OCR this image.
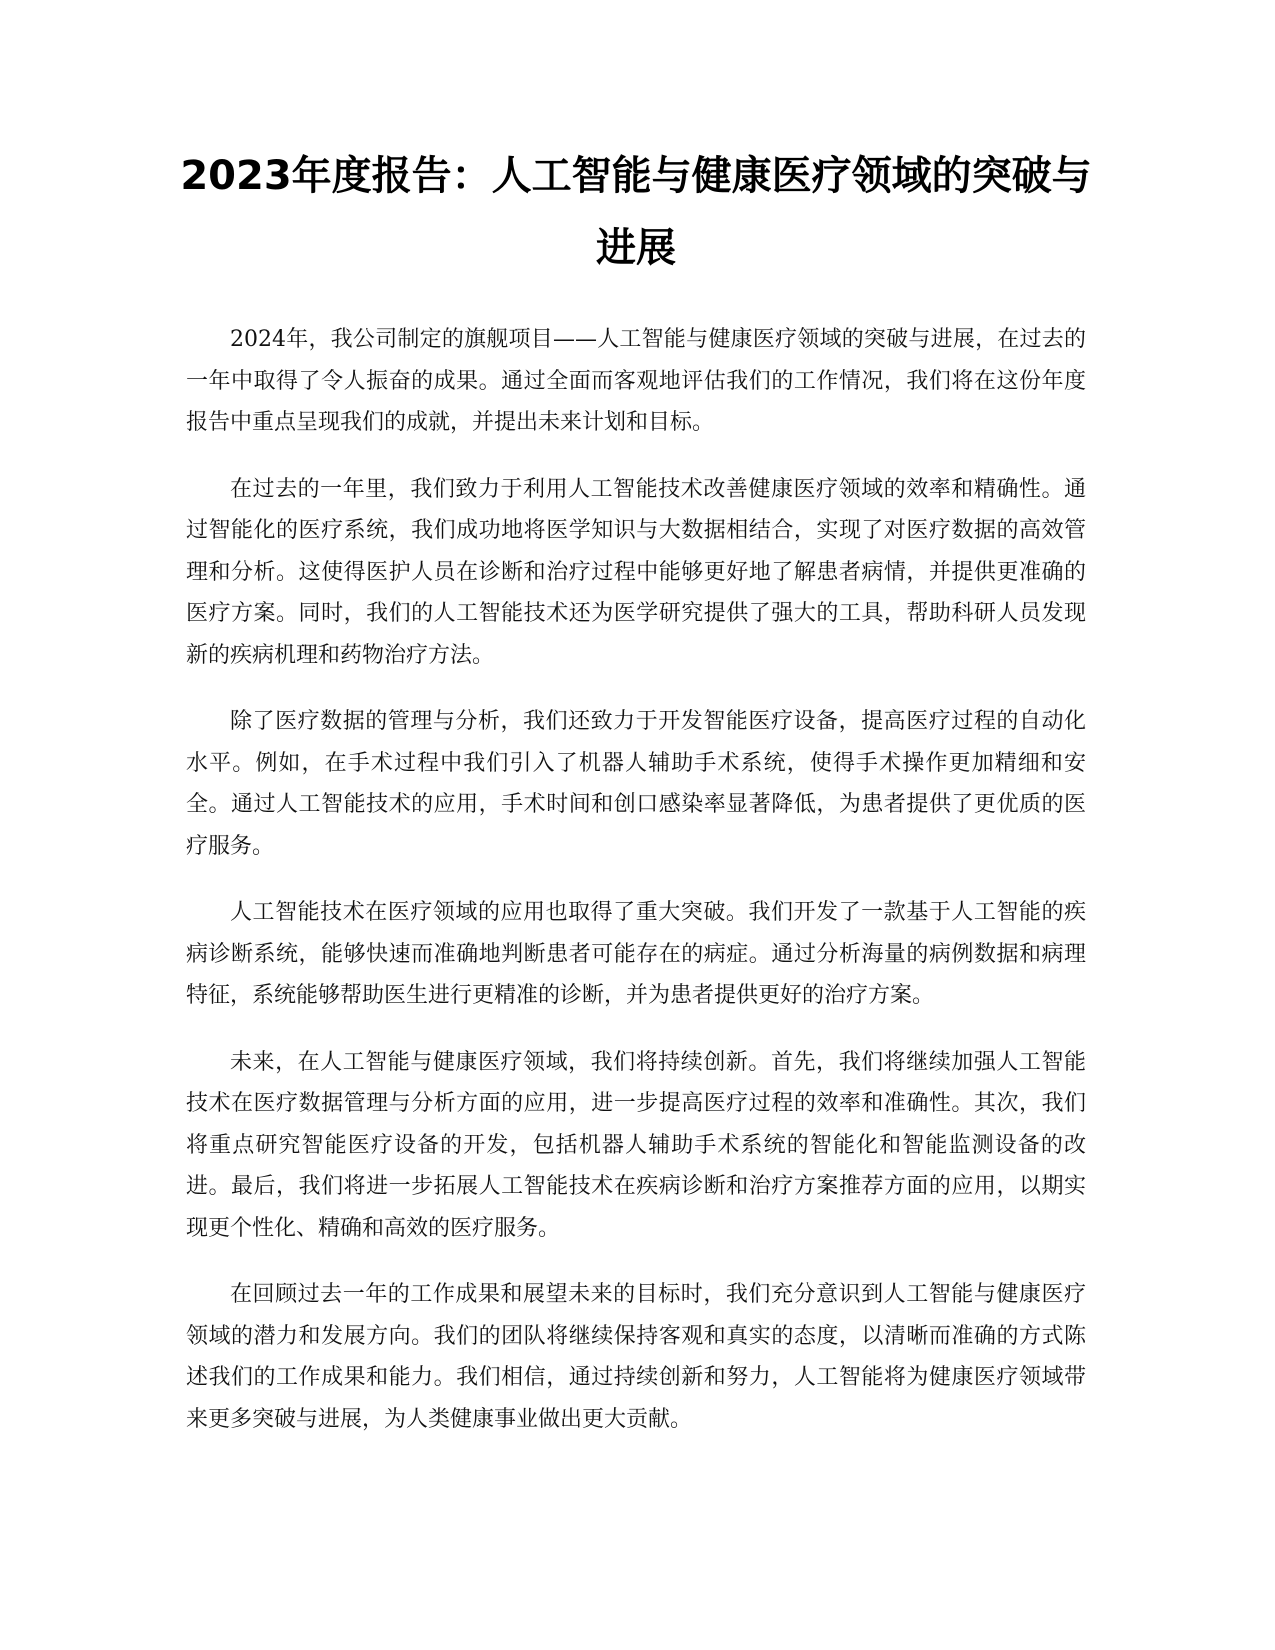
2023年度报告：人工智能与健康医疗领域的突破与进展

2024年，我公司制定的旗舰项目——人工智能与健康医疗领域的突破与进展，在过去的一年中取得了令人振奋的成果。通过全面而客观地评估我们的工作情况，我们将在这份年度报告中重点呈现我们的成就，并提出未来计划和目标。

在过去的一年里，我们致力于利用人工智能技术改善健康医疗领域的效率和精确性。通过智能化的医疗系统，我们成功地将医学知识与大数据相结合，实现了对医疗数据的高效管理和分析。这使得医护人员在诊断和治疗过程中能够更好地了解患者病情，并提供更准确的医疗方案。同时，我们的人工智能技术还为医学研究提供了强大的工具，帮助科研人员发现新的疾病机理和药物治疗方法。

除了医疗数据的管理与分析，我们还致力于开发智能医疗设备，提高医疗过程的自动化水平。例如，在手术过程中我们引入了机器人辅助手术系统，使得手术操作更加精细和安全。通过人工智能技术的应用，手术时间和创口感染率显著降低，为患者提供了更优质的医疗服务。

人工智能技术在医疗领域的应用也取得了重大突破。我们开发了一款基于人工智能的疾病诊断系统，能够快速而准确地判断患者可能存在的病症。通过分析海量的病例数据和病理特征，系统能够帮助医生进行更精准的诊断，并为患者提供更好的治疗方案。

未来，在人工智能与健康医疗领域，我们将持续创新。首先，我们将继续加强人工智能技术在医疗数据管理与分析方面的应用，进一步提高医疗过程的效率和准确性。其次，我们将重点研究智能医疗设备的开发，包括机器人辅助手术系统的智能化和智能监测设备的改进。最后，我们将进一步拓展人工智能技术在疾病诊断和治疗方案推荐方面的应用，以期实现更个性化、精确和高效的医疗服务。

在回顾过去一年的工作成果和展望未来的目标时，我们充分意识到人工智能与健康医疗领域的潜力和发展方向。我们的团队将继续保持客观和真实的态度，以清晰而准确的方式陈述我们的工作成果和能力。我们相信，通过持续创新和努力，人工智能将为健康医疗领域带来更多突破与进展，为人类健康事业做出更大贡献。
